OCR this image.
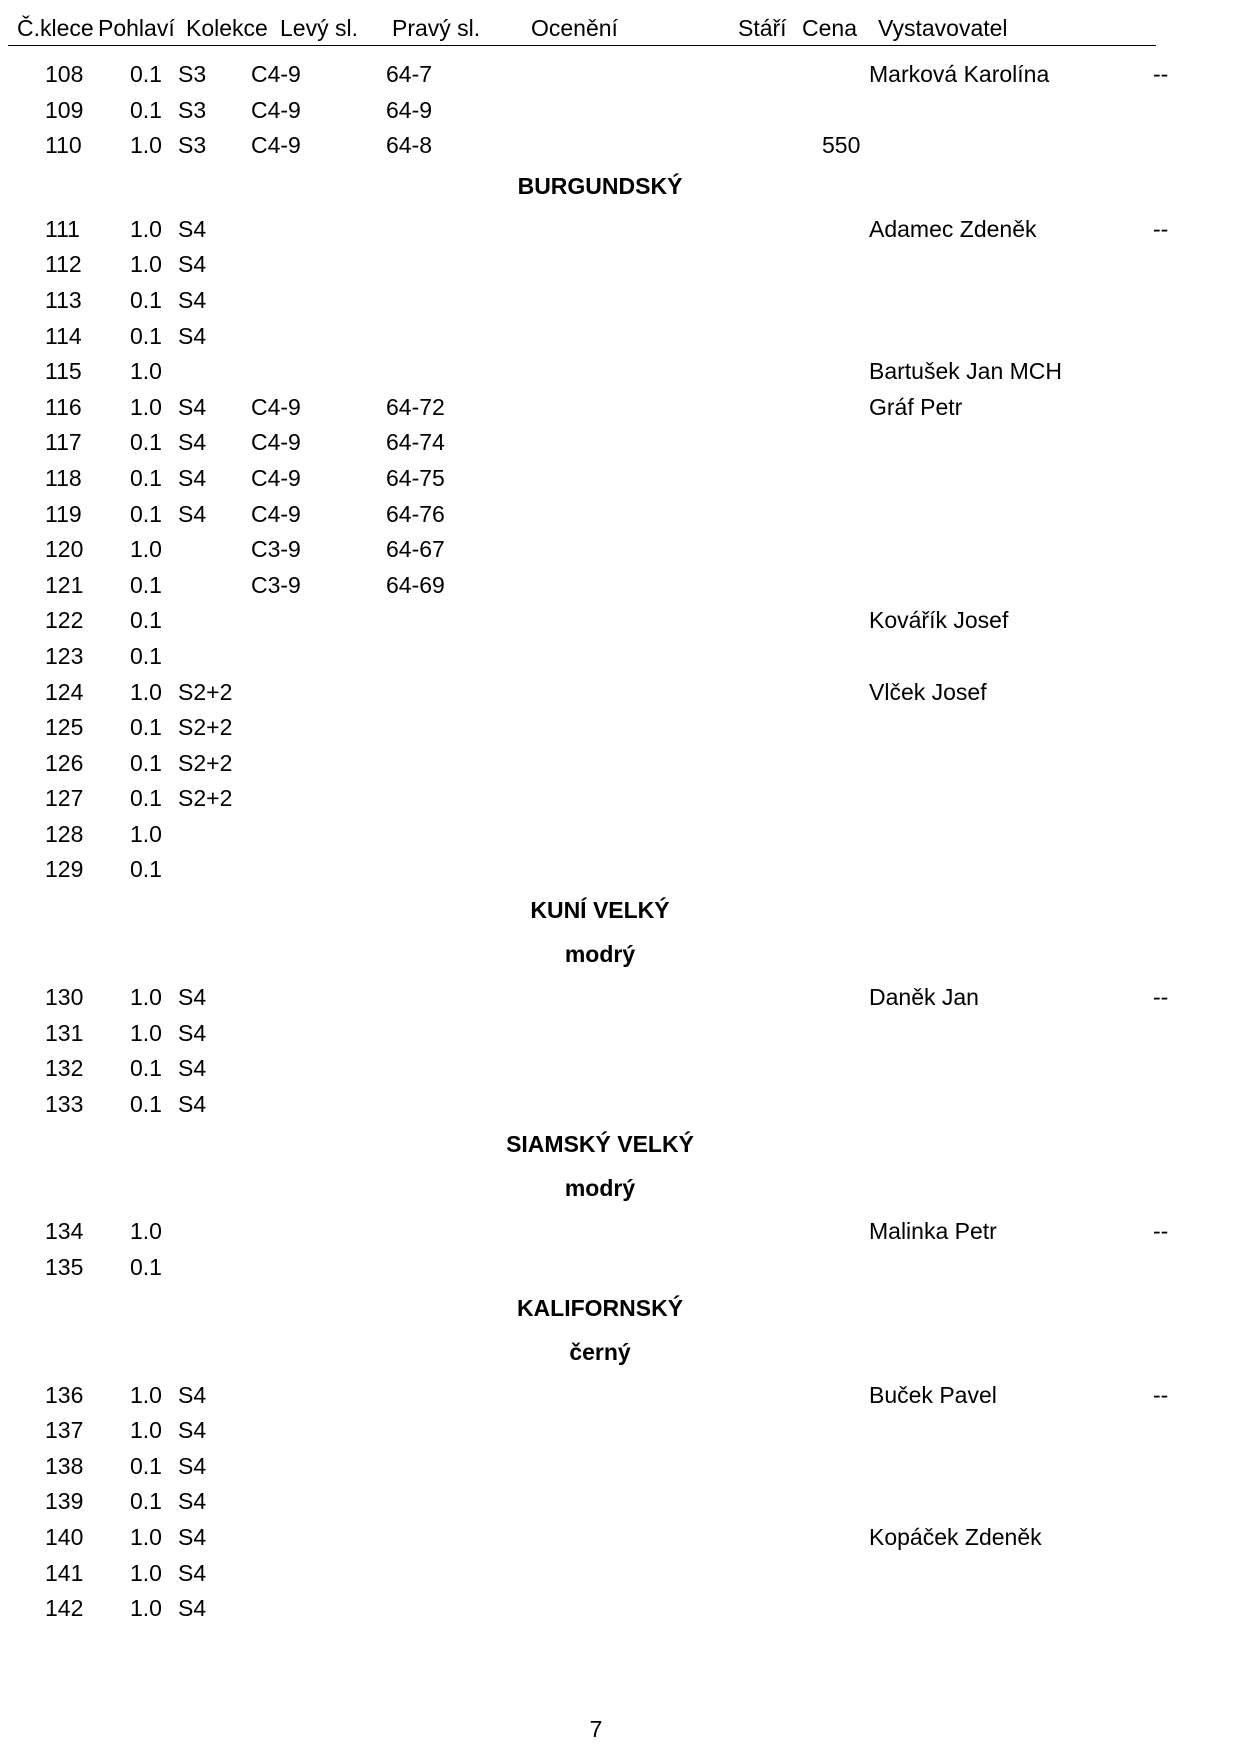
Č.klece Pohlaví Kolekce Levý sl. Pravý sl. Ocenění	Stáří Cena Vystavovatel
108 0.1 S3 C4-9	64-7	Marková Karolína	--
109 0.1 S3 C4-9	64-9
110 1.0 S3 C4-9	64-8	550
BURGUNDSKÝ
111 1.0 S4	Adamec Zdeněk	--
112 1.0 S4
113 0.1 S4
114 0.1 S4
115 1.0	Bartušek Jan MCH
116 1.0 S4 C4-9	64-72	Gráf Petr
117 0.1 S4 C4-9	64-74
118 0.1 S4 C4-9	64-75
119 0.1 S4 C4-9	64-76
120 1.0	C3-9	64-67
121 0.1	C3-9	64-69
122 0.1	Kovářík Josef
123 0.1
124 1.0 S2+2	Vlček Josef
125 0.1 S2+2
126 0.1 S2+2
127 0.1 S2+2
128 1.0
129 0.1
KUNÍ VELKÝ
modrý
130 1.0 S4	Daněk Jan	--
131 1.0 S4
132 0.1 S4
133 0.1 S4
SIAMSKÝ VELKÝ
modrý
134 1.0	Malinka Petr	--
135 0.1
KALIFORNSKÝ
černý
136 1.0 S4	Buček Pavel	--
137 1.0 S4
138 0.1 S4
139 0.1 S4
140 1.0 S4	Kopáček Zdeněk
141 1.0 S4
142 1.0 S4
7
